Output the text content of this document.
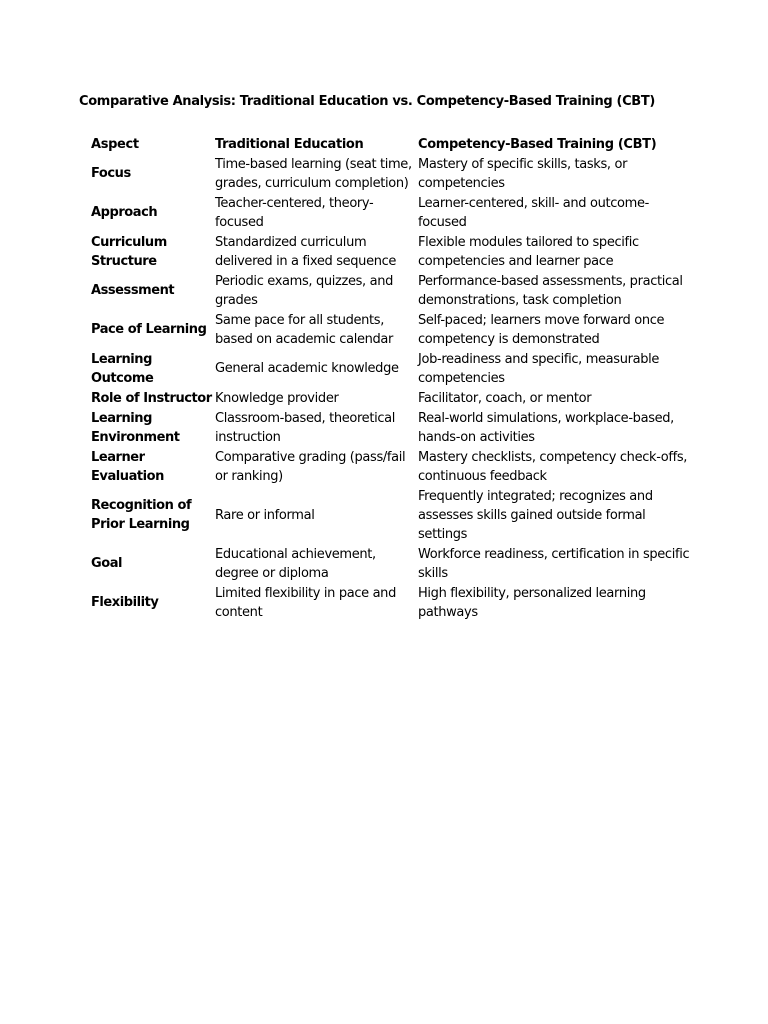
Comparative Analysis: Traditional Education vs. Competency-Based Training (CBT)
Aspect	Traditional Education	Competency-Based Training (CBT)
Focus	Time-based learning (seat time, grades, curriculum completion)	Mastery of specific skills, tasks, or competencies
Approach	Teacher-centered, theory-focused	Learner-centered, skill- and outcome-focused
Curriculum Structure	Standardized curriculum delivered in a fixed sequence	Flexible modules tailored to specific competencies and learner pace
Assessment	Periodic exams, quizzes, and grades	Performance-based assessments, practical demonstrations, task completion
Pace of Learning	Same pace for all students, based on academic calendar	Self-paced; learners move forward once competency is demonstrated
Learning Outcome	General academic knowledge	Job-readiness and specific, measurable competencies
Role of Instructor	Knowledge provider	Facilitator, coach, or mentor
Learning Environment	Classroom-based, theoretical instruction	Real-world simulations, workplace-based, hands-on activities
Learner Evaluation	Comparative grading (pass/fail or ranking)	Mastery checklists, competency check-offs, continuous feedback
Recognition of Prior Learning	Rare or informal	Frequently integrated; recognizes and assesses skills gained outside formal settings
Goal	Educational achievement, degree or diploma	Workforce readiness, certification in specific skills
Flexibility	Limited flexibility in pace and content	High flexibility, personalized learning pathways
